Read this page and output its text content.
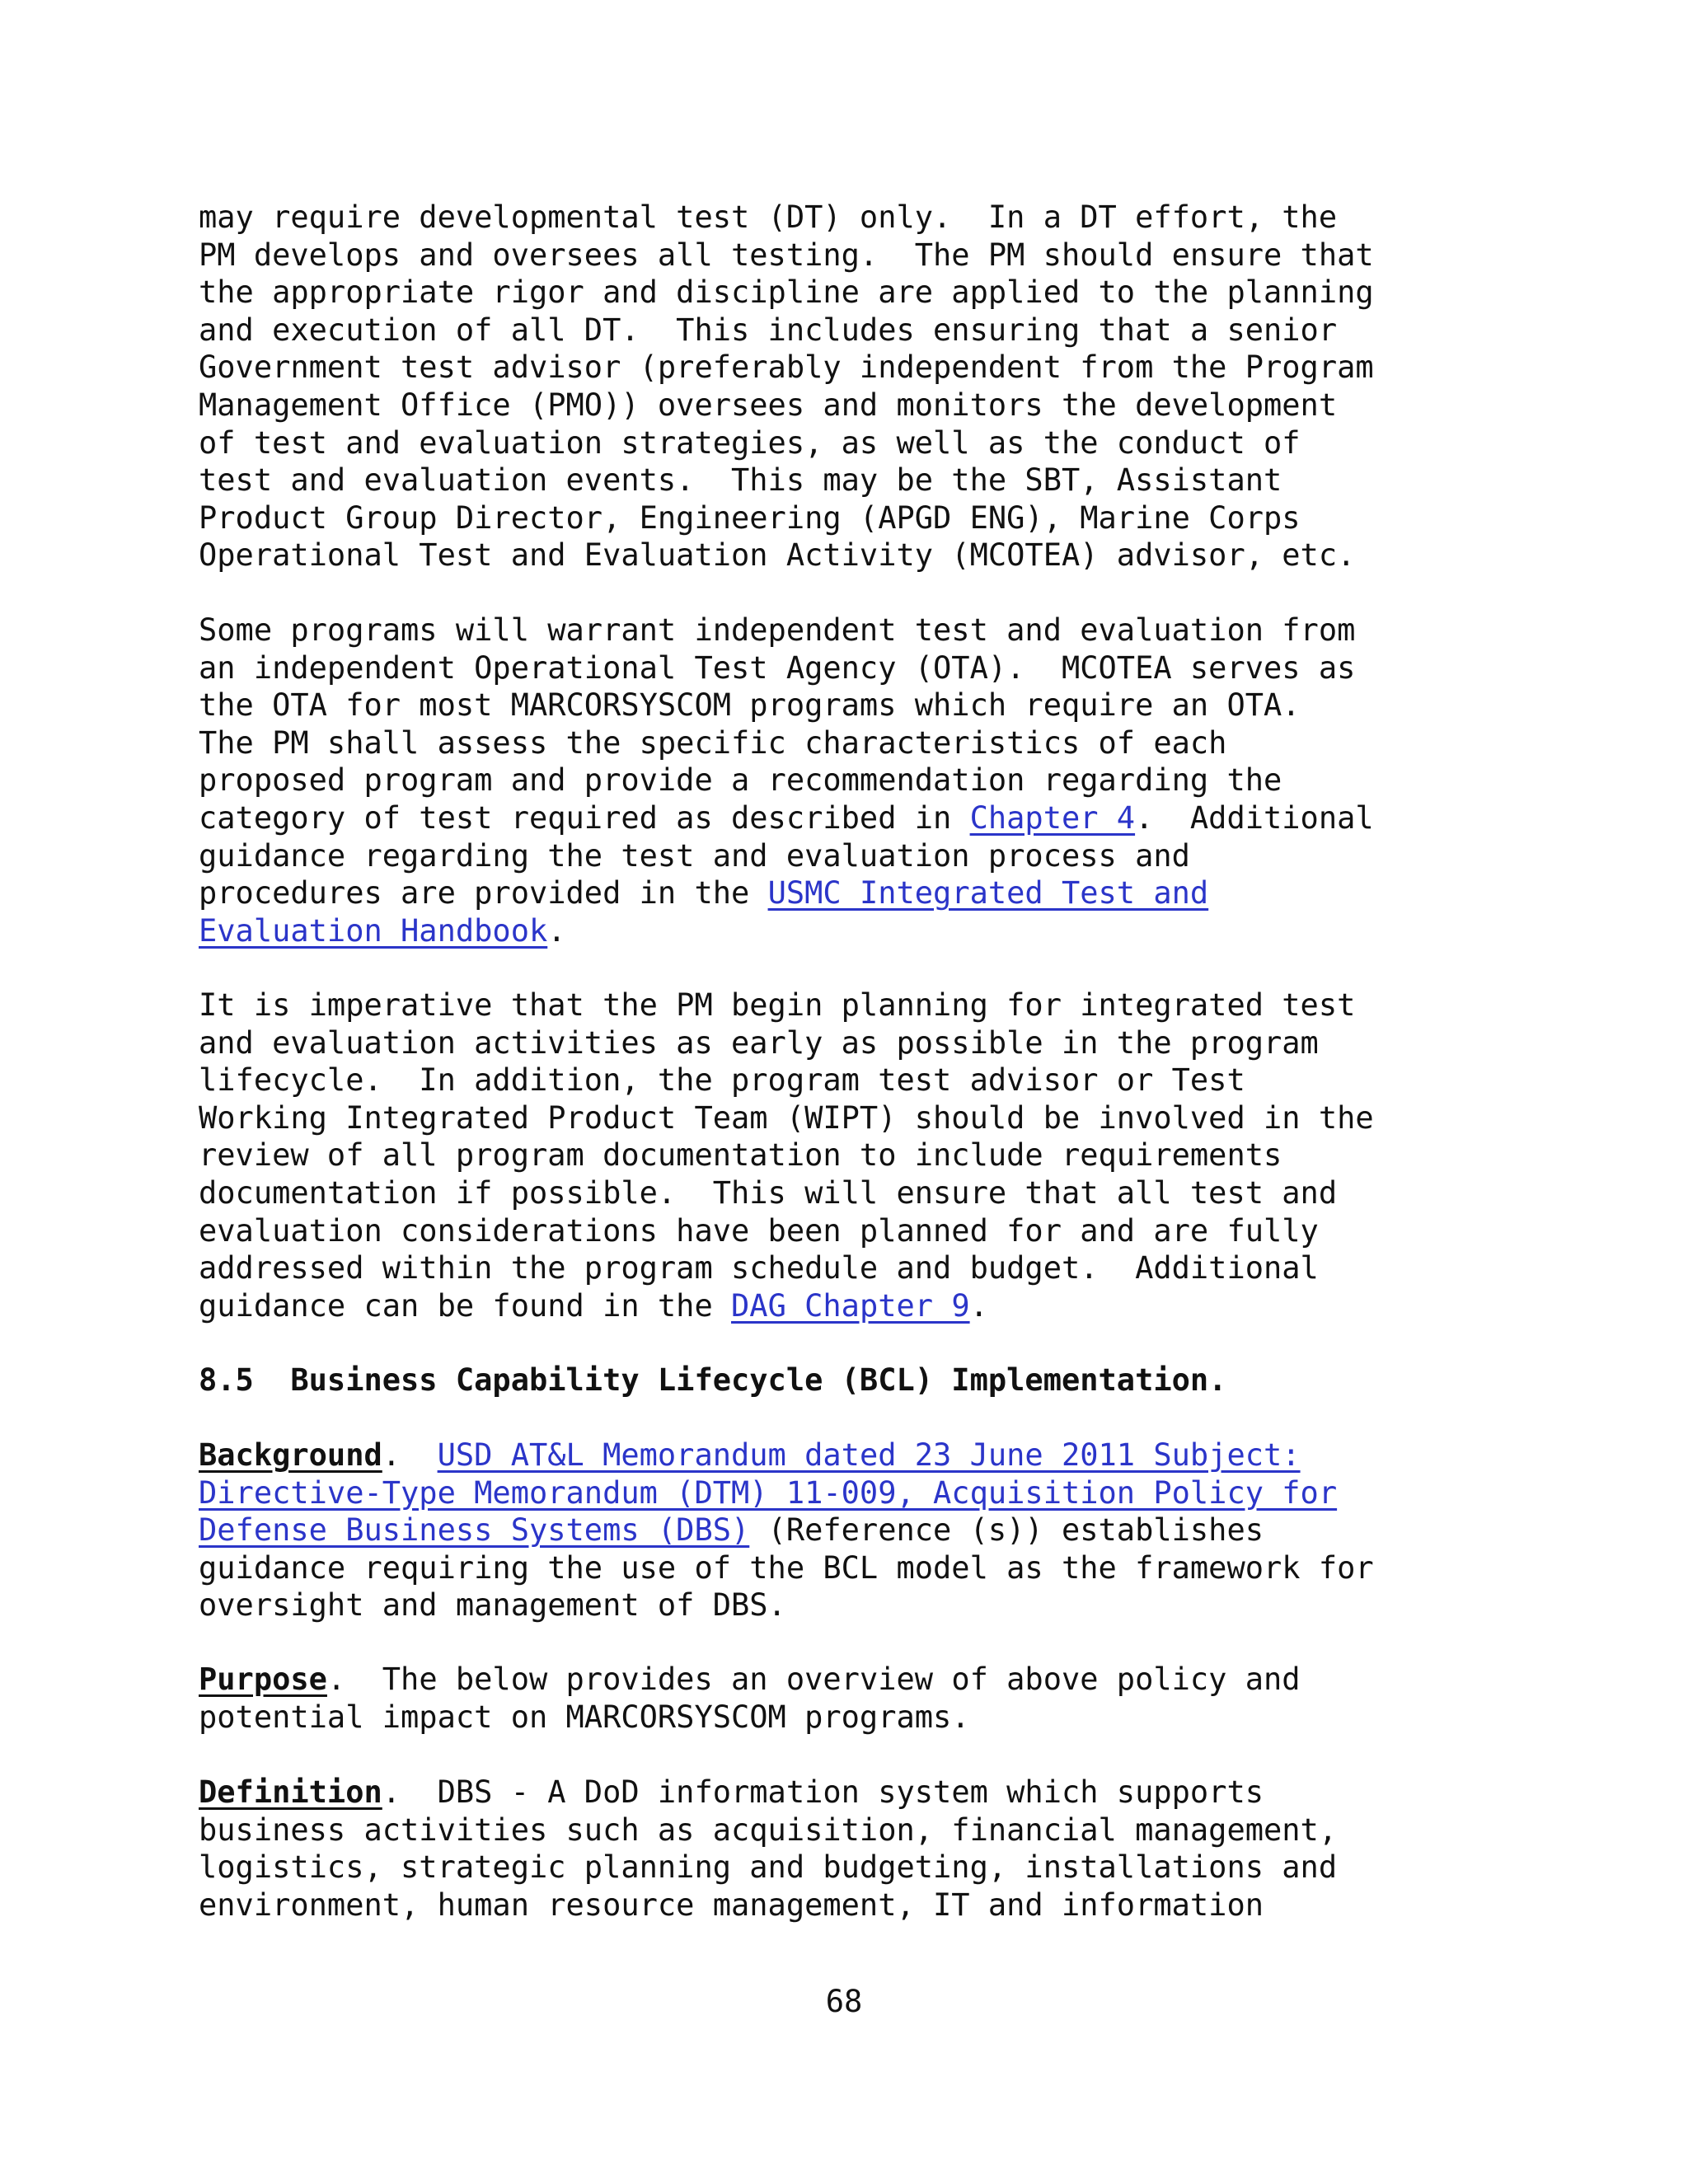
may require developmental test (DT) only.  In a DT effort, the
PM develops and oversees all testing.  The PM should ensure that
the appropriate rigor and discipline are applied to the planning
and execution of all DT.  This includes ensuring that a senior
Government test advisor (preferably independent from the Program
Management Office (PMO)) oversees and monitors the development
of test and evaluation strategies, as well as the conduct of
test and evaluation events.  This may be the SBT, Assistant
Product Group Director, Engineering (APGD ENG), Marine Corps
Operational Test and Evaluation Activity (MCOTEA) advisor, etc.
Some programs will warrant independent test and evaluation from
an independent Operational Test Agency (OTA).  MCOTEA serves as
the OTA for most MARCORSYSCOM programs which require an OTA.
The PM shall assess the specific characteristics of each
proposed program and provide a recommendation regarding the
category of test required as described in Chapter 4.  Additional
guidance regarding the test and evaluation process and
procedures are provided in the USMC Integrated Test and
Evaluation Handbook.
It is imperative that the PM begin planning for integrated test
and evaluation activities as early as possible in the program
lifecycle.  In addition, the program test advisor or Test
Working Integrated Product Team (WIPT) should be involved in the
review of all program documentation to include requirements
documentation if possible.  This will ensure that all test and
evaluation considerations have been planned for and are fully
addressed within the program schedule and budget.  Additional
guidance can be found in the DAG Chapter 9.
8.5  Business Capability Lifecycle (BCL) Implementation.
Background.  USD AT&L Memorandum dated 23 June 2011 Subject:
Directive-Type Memorandum (DTM) 11-009, Acquisition Policy for
Defense Business Systems (DBS) (Reference (s)) establishes
guidance requiring the use of the BCL model as the framework for
oversight and management of DBS.
Purpose.  The below provides an overview of above policy and
potential impact on MARCORSYSCOM programs.
Definition.  DBS - A DoD information system which supports
business activities such as acquisition, financial management,
logistics, strategic planning and budgeting, installations and
environment, human resource management, IT and information
68
